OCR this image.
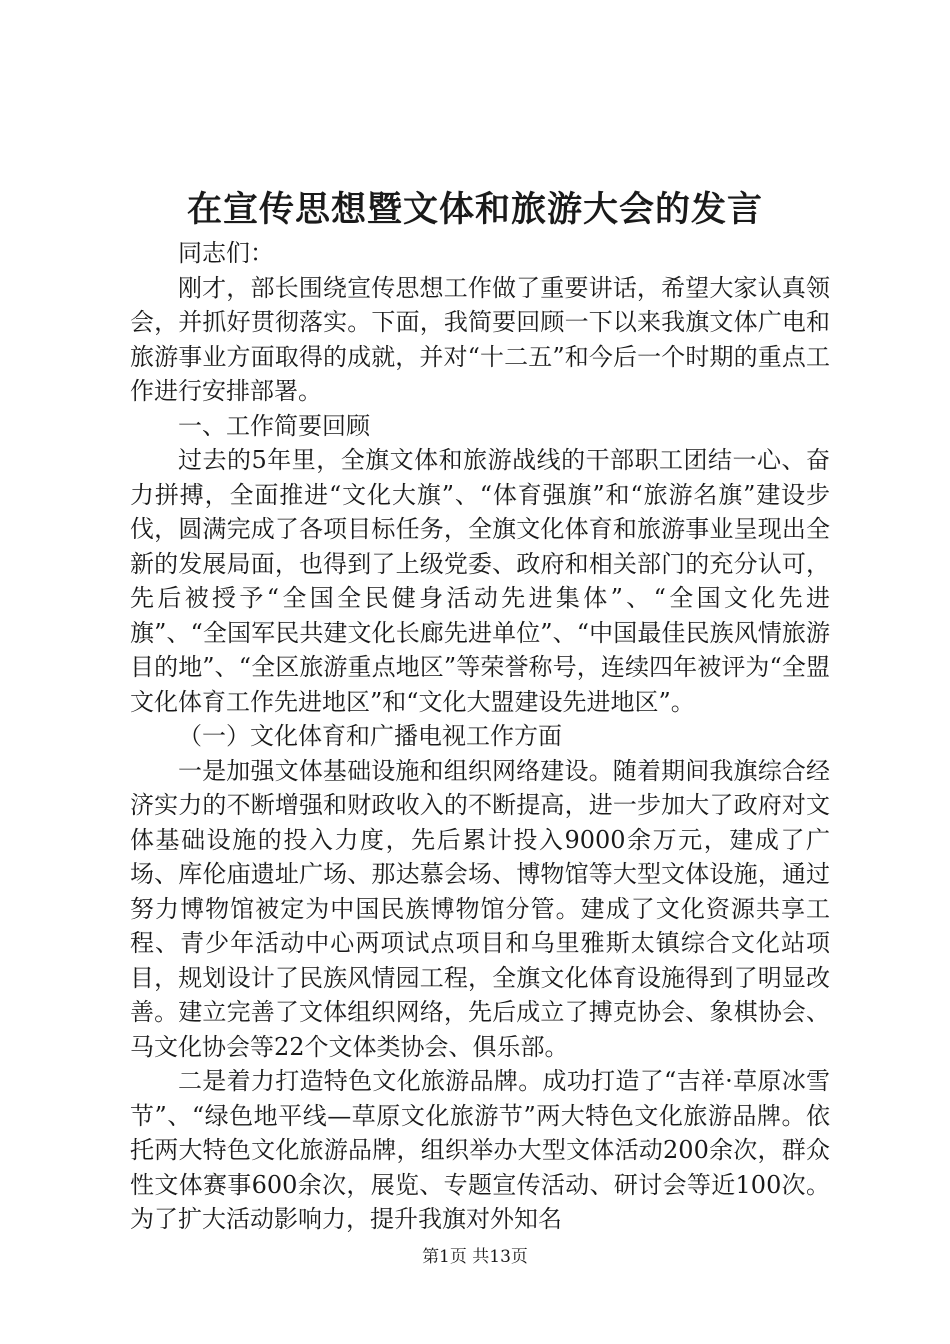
在宣传思想暨文体和旅游大会的发言

同志们：

刚才，部长围绕宣传思想工作做了重要讲话，希望大家认真领会，并抓好贯彻落实。下面，我简要回顾一下以来我旗文体广电和旅游事业方面取得的成就，并对“十二五”和今后一个时期的重点工作进行安排部署。

一、工作简要回顾

过去的5年里，全旗文体和旅游战线的干部职工团结一心、奋力拼搏，全面推进“文化大旗”、“体育强旗”和“旅游名旗”建设步伐，圆满完成了各项目标任务，全旗文化体育和旅游事业呈现出全新的发展局面，也得到了上级党委、政府和相关部门的充分认可，先后被授予“全国全民健身活动先进集体”、“全国文化先进旗”、“全国军民共建文化长廊先进单位”、“中国最佳民族风情旅游目的地”、“全区旅游重点地区”等荣誉称号，连续四年被评为“全盟文化体育工作先进地区”和“文化大盟建设先进地区”。

（一）文化体育和广播电视工作方面

一是加强文体基础设施和组织网络建设。随着期间我旗综合经济实力的不断增强和财政收入的不断提高，进一步加大了政府对文体基础设施的投入力度，先后累计投入9000余万元，建成了广场、库伦庙遗址广场、那达慕会场、博物馆等大型文体设施，通过努力博物馆被定为中国民族博物馆分管。建成了文化资源共享工程、青少年活动中心两项试点项目和乌里雅斯太镇综合文化站项目，规划设计了民族风情园工程，全旗文化体育设施得到了明显改善。建立完善了文体组织网络，先后成立了搏克协会、象棋协会、马文化协会等22个文体类协会、俱乐部。

二是着力打造特色文化旅游品牌。成功打造了“吉祥·草原冰雪节”、“绿色地平线—草原文化旅游节”两大特色文化旅游品牌。依托两大特色文化旅游品牌，组织举办大型文体活动200余次，群众性文体赛事600余次，展览、专题宣传活动、研讨会等近100次。为了扩大活动影响力，提升我旗对外知名

第1页 共13页
